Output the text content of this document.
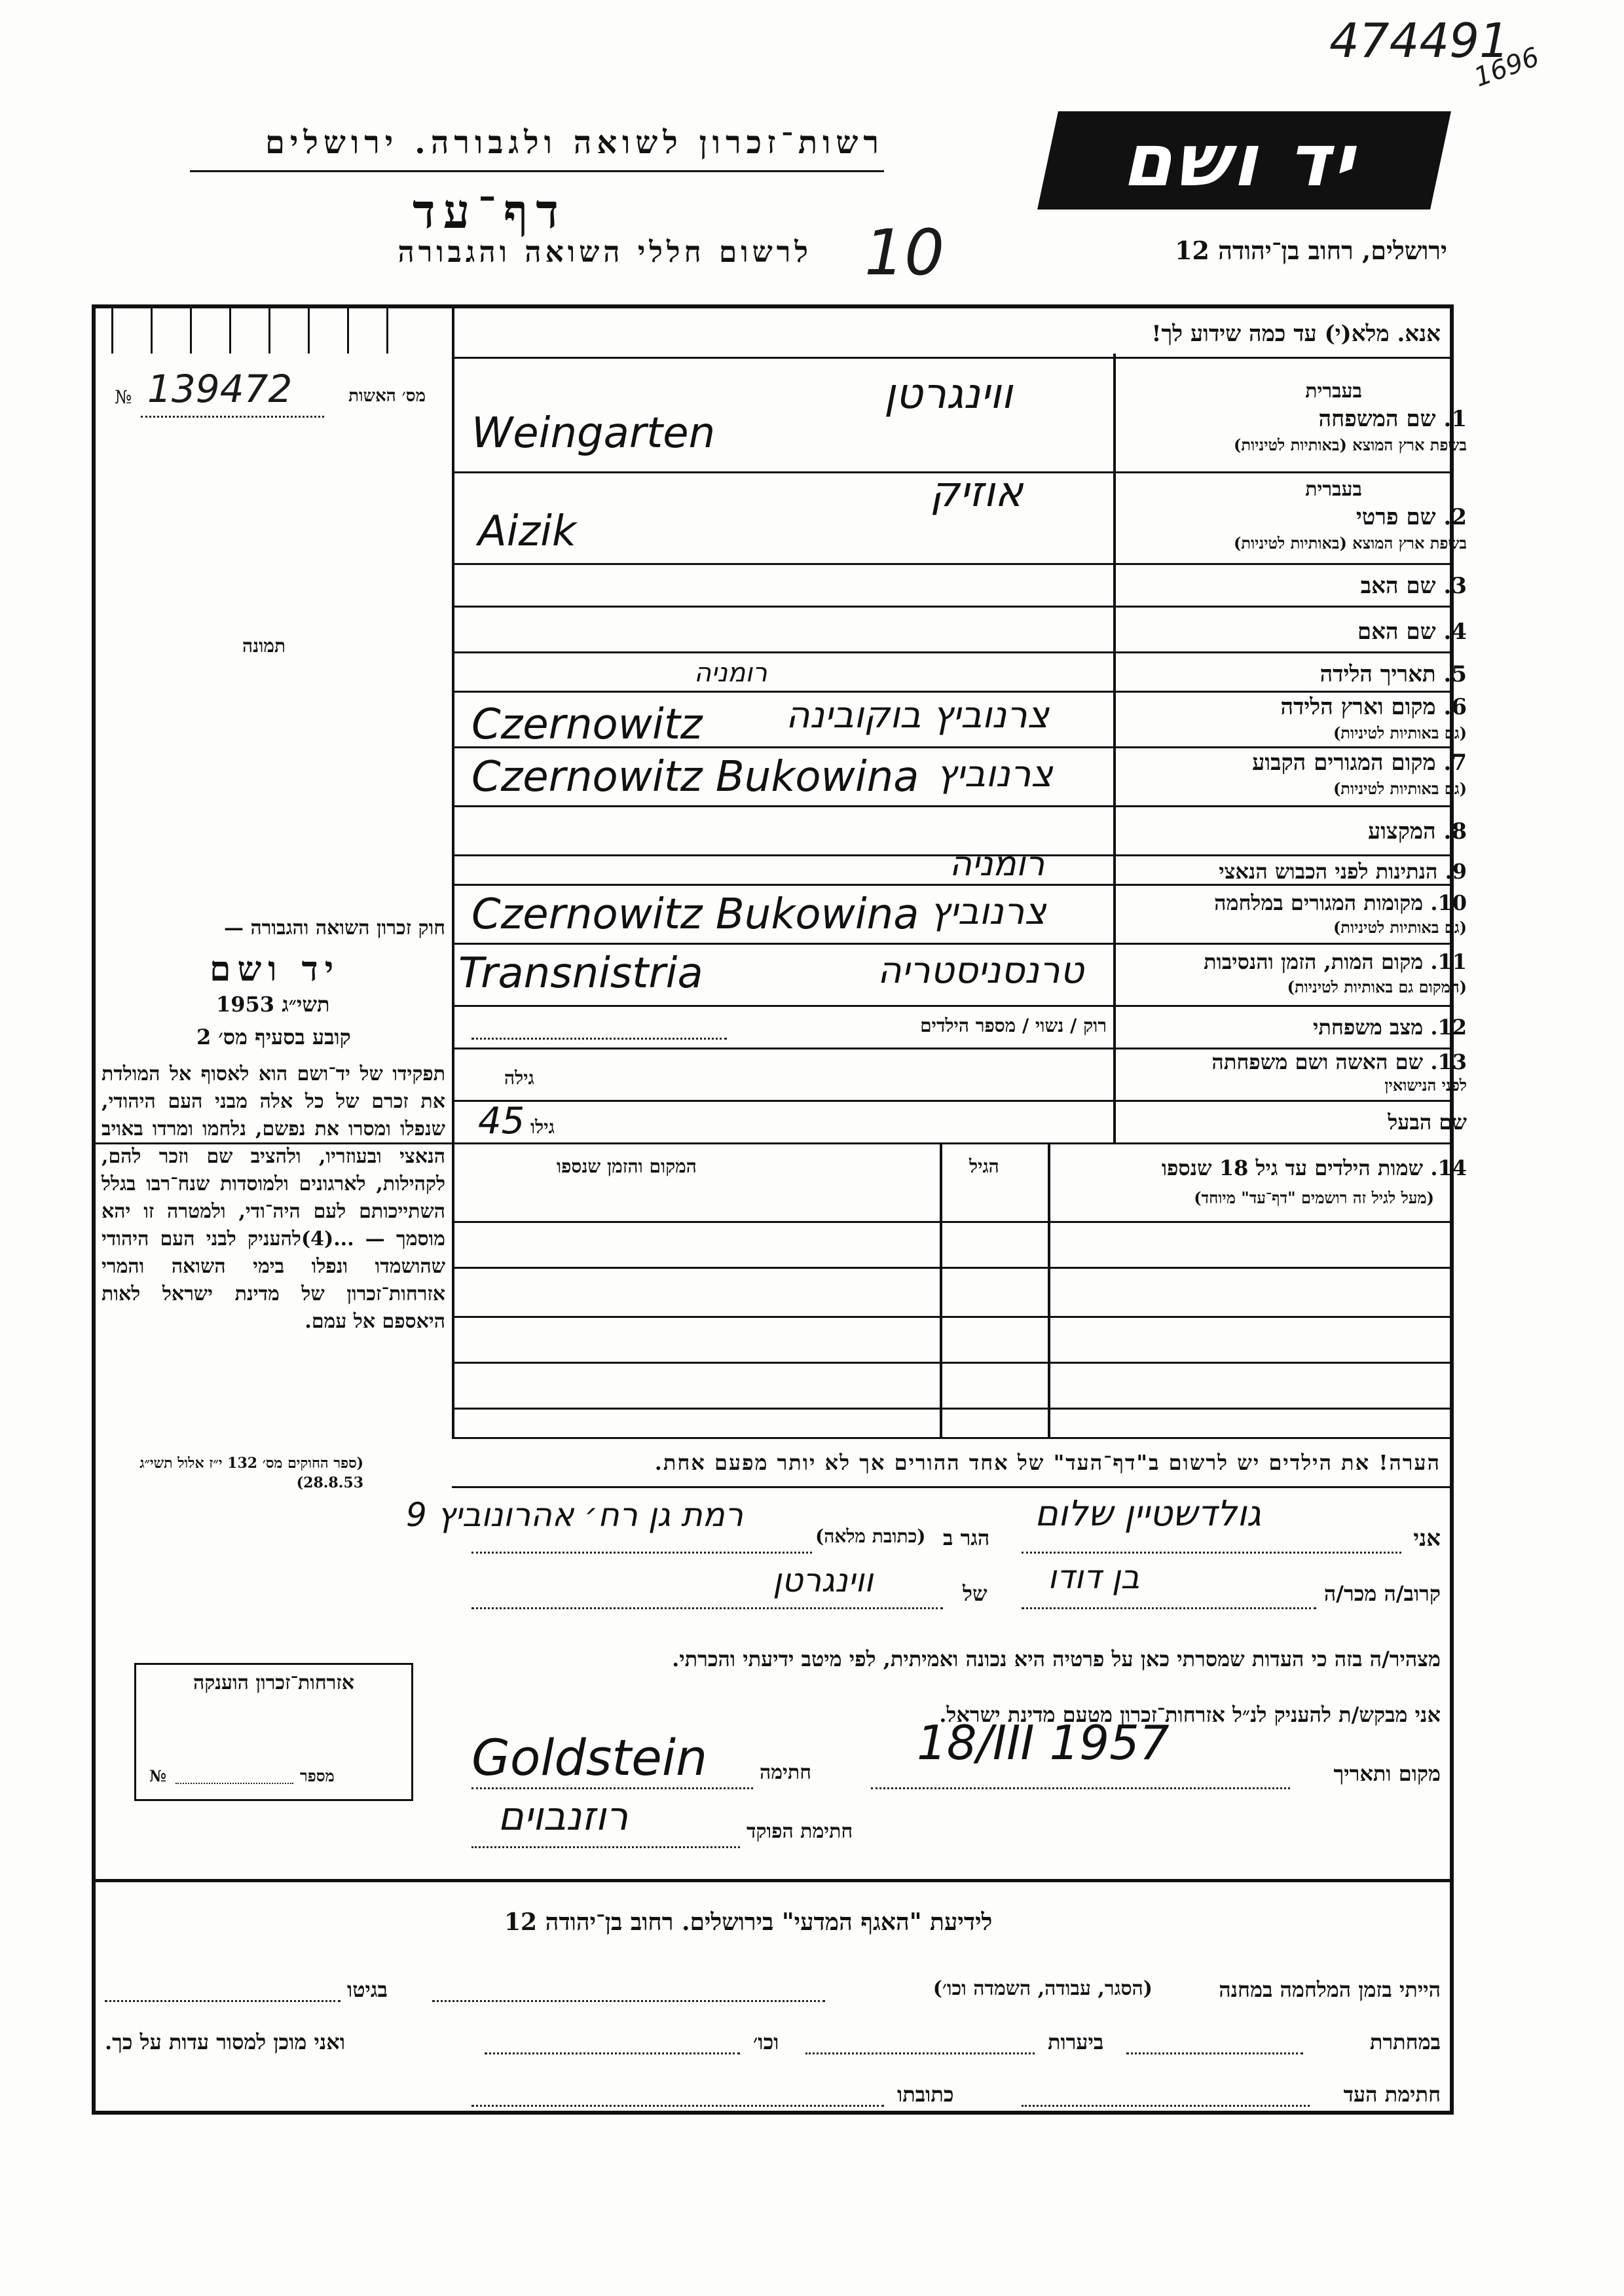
474491
1696
רשות־זכרון לשואה ולגבורה. ירושלים
דף־עד
לרשום חללי השואה והגבורה 10
יד ושם
ירושלים, רחוב בן־יהודה 12
אנא. מלא(י) עד כמה שידוע לך!
מס׳ האשות
№ 139472
תמונה
חוק זכרון השואה והגבורה —
יד ושם
תשי״ג 1953
קובע בסעיף מס׳ 2
תפקידו של יד־ושם הוא לאסוף אל המולדת את זכרם של כל אלה מבני העם היהודי, שנפלו ומסרו את נפשם, נלחמו ומרדו באויב הנאצי ובעוזריו, ולהציב שם וזכר להם, לקהילות, לארגונים ולמוסדות שנח־רבו בגלל השתייכותם לעם היה־ודי, ולמטרה זו יהא מוסמך — ...(4)להעניק לבני העם היהודי שהושמדו ונפלו בימי השואה והמרי אזרחות־זכרון של מדינת ישראל לאות היאספם אל עמם.
(ספר החוקים מס׳ 132 י״ז אלול תשי״ג 28.8.53)
בעברית
1. שם המשפחה
בשפת ארץ המוצא (באותיות לטיניות)
ווינגרטן
Weingarten
בעברית
2. שם פרטי
בשפת ארץ המוצא (באותיות לטיניות)
אוזיק
Aizik
3. שם האב
4. שם האם
5. תאריך הלידה
6. מקום וארץ הלידה
(גם באותיות לטיניות)
רומניה
Czernowitz צרנוביץ בוקובינה
7. מקום המגורים הקבוע
(גם באותיות לטיניות)
Czernowitz Bukowina צרנוביץ
8. המקצוע
9. הנתינות לפני הכבוש הנאצי
רומניה
10. מקומות המגורים במלחמה
(גם באותיות לטיניות)
Czernowitz Bukowina צרנוביץ
11. מקום המות, הזמן והנסיבות
(המקום גם באותיות לטיניות)
Transnistria	טרנסניסטריה
12. מצב משפחתי
רוק / נשוי / מספר הילדים
13. שם האשה ושם משפחתה
לפני הנישואין
גילה
שם הבעל
גילו
45
14. שמות הילדים עד גיל 18 שנספו
(מעל לגיל זה רושמים "דף־עד" מיוחד)
הגיל
המקום והזמן שנספו
הערה! את הילדים יש לרשום ב"דף־העד" של אחד ההורים אך לא יותר מפעם אחת.
אני
גולדשטיין שלום
הגר ב
רמת גן רח׳ אהרונוביץ 9
(כתובת מלאה)
קרוב/ה מכר/ה
בן דודו
של
ווינגרטן
מצהיר/ה בזה כי העדות שמסרתי כאן על פרטיה היא נכונה ואמיתית, לפי מיטב ידיעתי והכרתי.
אזרחות־זכרון הוענקה
№	מספר
אני מבקש/ת להעניק לנ״ל אזרחות־זכרון מטעם מדינת ישראל.
מקום ותאריך
18/III 1957
חתימה
Goldstein
חתימת הפוקד
רוזנבוים
לידיעת "האגף המדעי" בירושלים. רחוב בן־יהודה 12
הייתי בזמן המלחמה במחנה
(הסגר, עבודה, השמדה וכו׳)
בגיטו
במחתרת
ביערות
וכו׳
ואני מוכן למסור עדות על כך.
חתימת העד
כתובתו
